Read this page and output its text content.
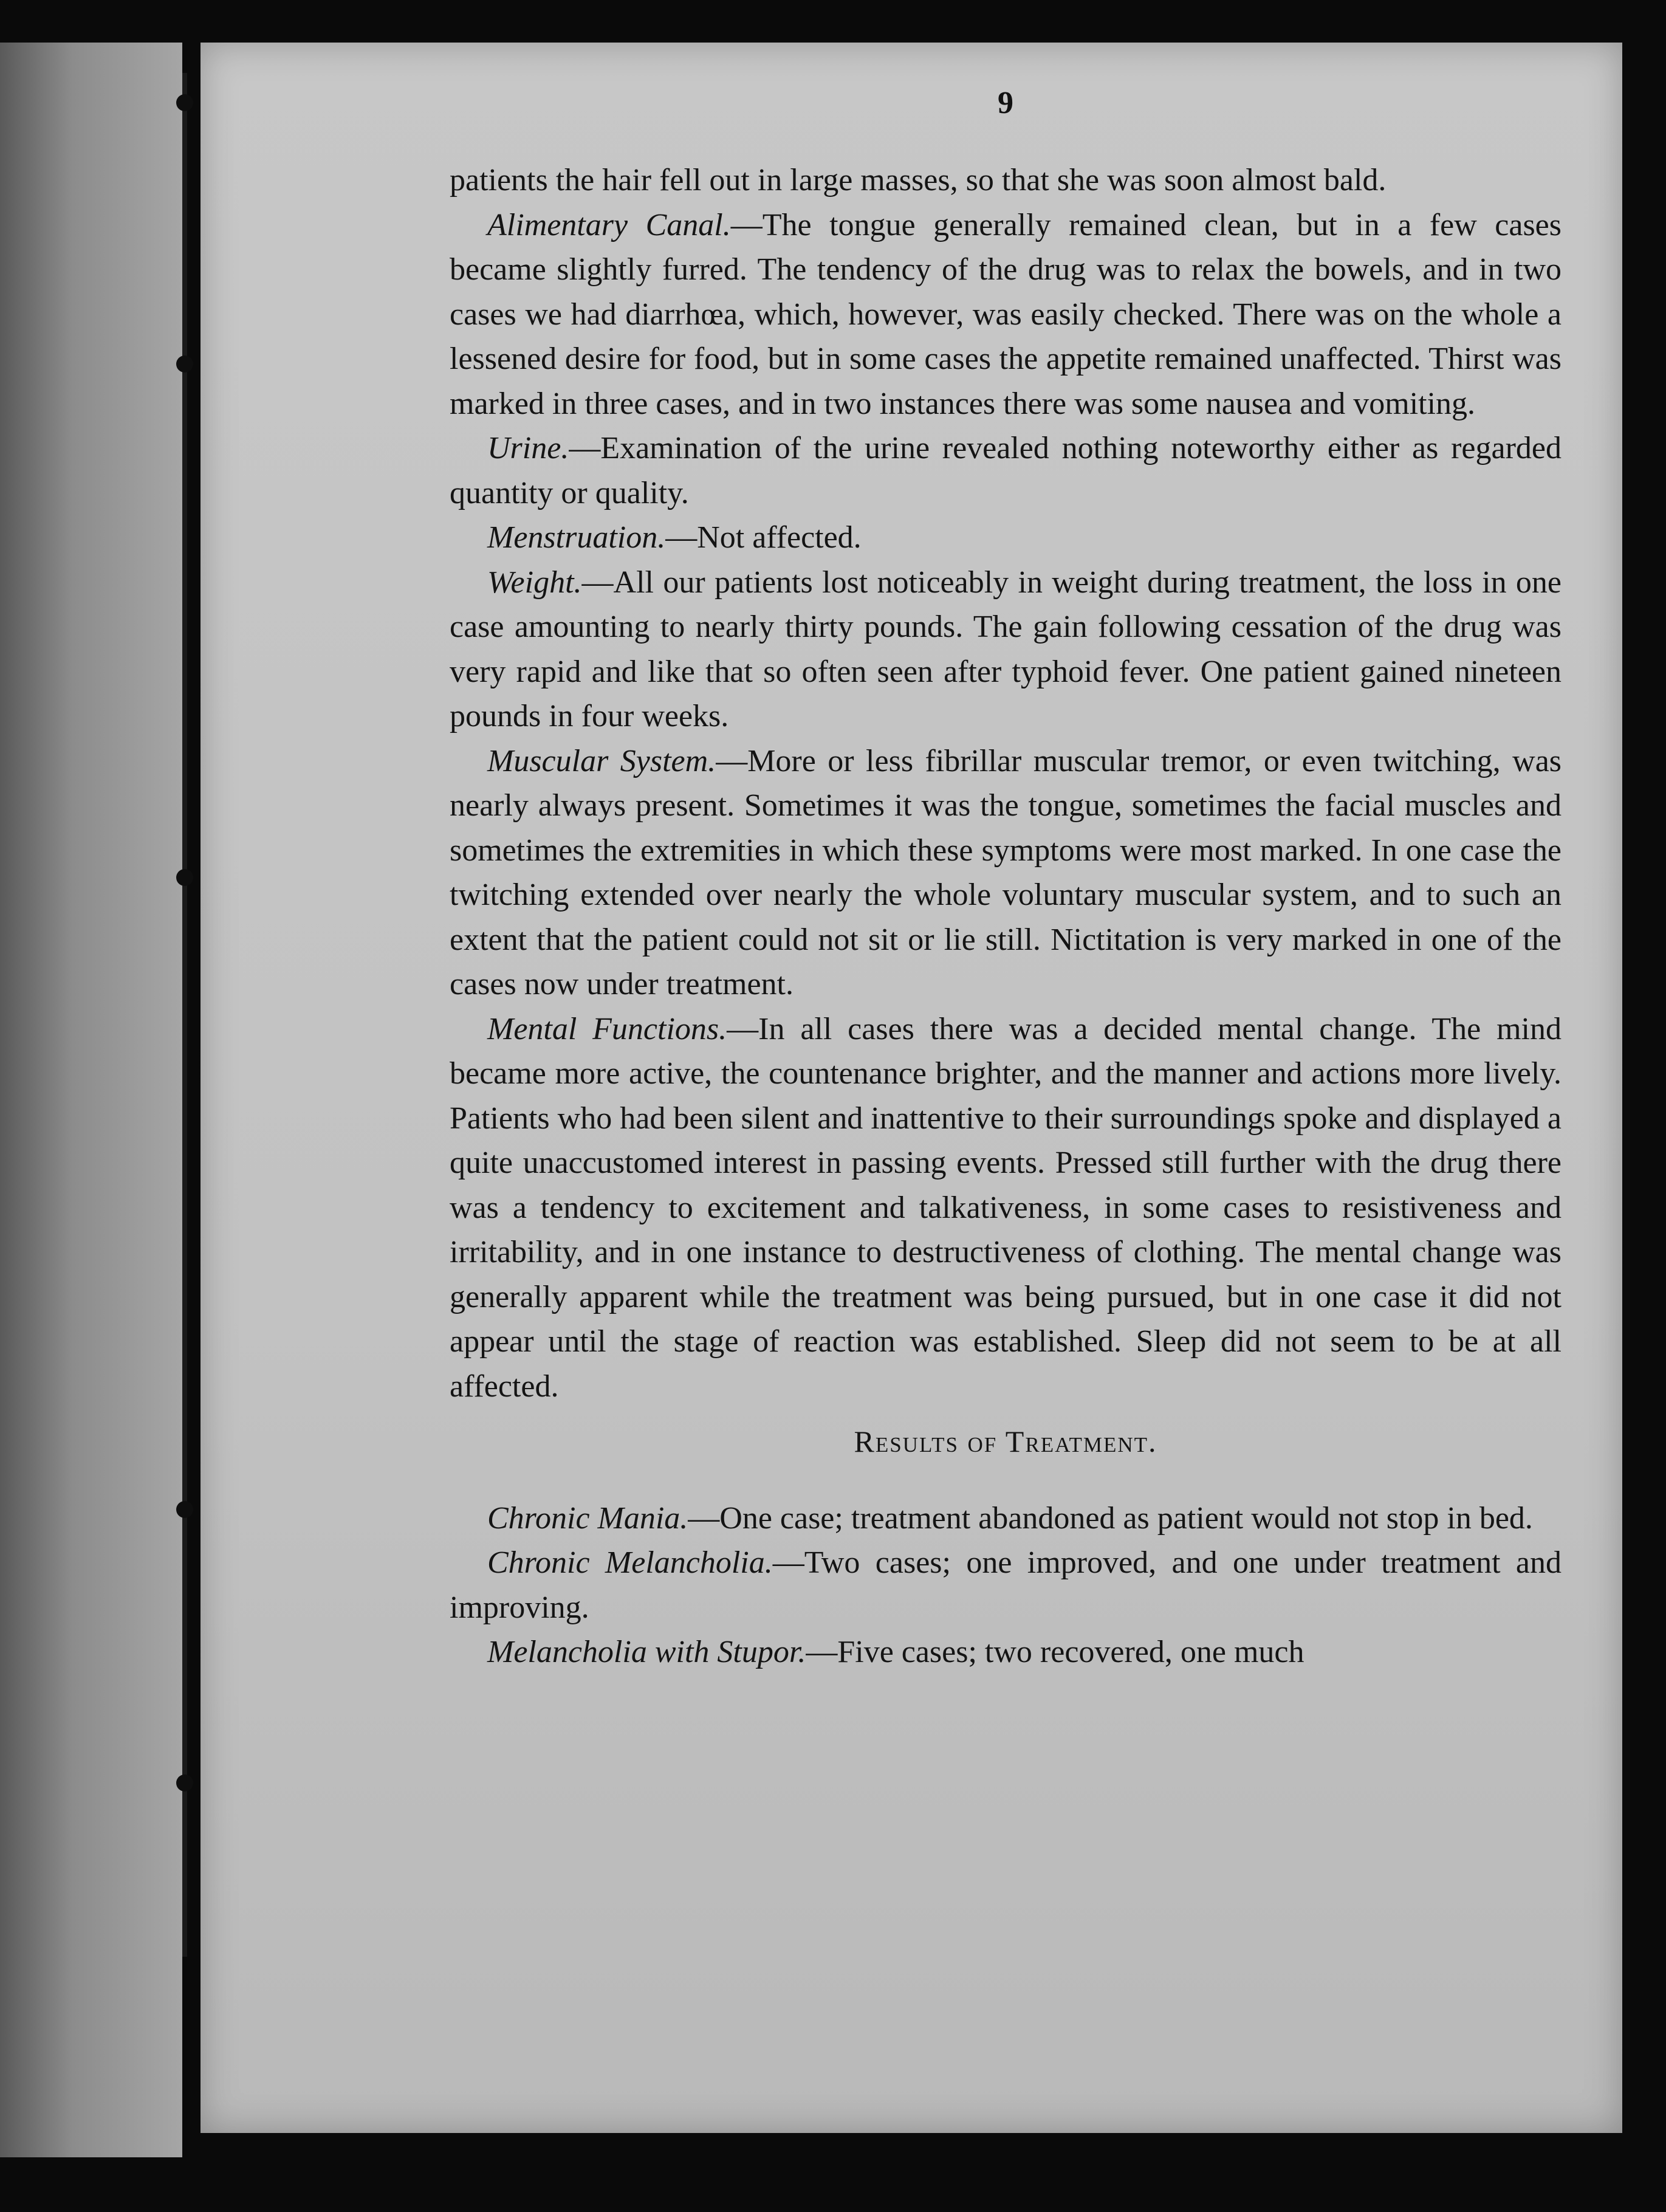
9

patients the hair fell out in large masses, so that she was soon almost bald.

Alimentary Canal.—The tongue generally remained clean, but in a few cases became slightly furred. The tendency of the drug was to relax the bowels, and in two cases we had diarrhœa, which, however, was easily checked. There was on the whole a lessened desire for food, but in some cases the appetite remained unaffected. Thirst was marked in three cases, and in two instances there was some nausea and vomiting.

Urine.—Examination of the urine revealed nothing noteworthy either as regarded quantity or quality.

Menstruation.—Not affected.

Weight.—All our patients lost noticeably in weight during treatment, the loss in one case amounting to nearly thirty pounds. The gain following cessation of the drug was very rapid and like that so often seen after typhoid fever. One patient gained nineteen pounds in four weeks.

Muscular System.—More or less fibrillar muscular tremor, or even twitching, was nearly always present. Sometimes it was the tongue, sometimes the facial muscles and sometimes the extremities in which these symptoms were most marked. In one case the twitching extended over nearly the whole voluntary muscular system, and to such an extent that the patient could not sit or lie still. Nictitation is very marked in one of the cases now under treatment.

Mental Functions.—In all cases there was a decided mental change. The mind became more active, the countenance brighter, and the manner and actions more lively. Patients who had been silent and inattentive to their surroundings spoke and displayed a quite unaccustomed interest in passing events. Pressed still further with the drug there was a tendency to excitement and talkativeness, in some cases to resistiveness and irritability, and in one instance to destructiveness of clothing. The mental change was generally apparent while the treatment was being pursued, but in one case it did not appear until the stage of reaction was established. Sleep did not seem to be at all affected.

Results of Treatment.

Chronic Mania.—One case; treatment abandoned as patient would not stop in bed.

Chronic Melancholia.—Two cases; one improved, and one under treatment and improving.

Melancholia with Stupor.—Five cases; two recovered, one much
